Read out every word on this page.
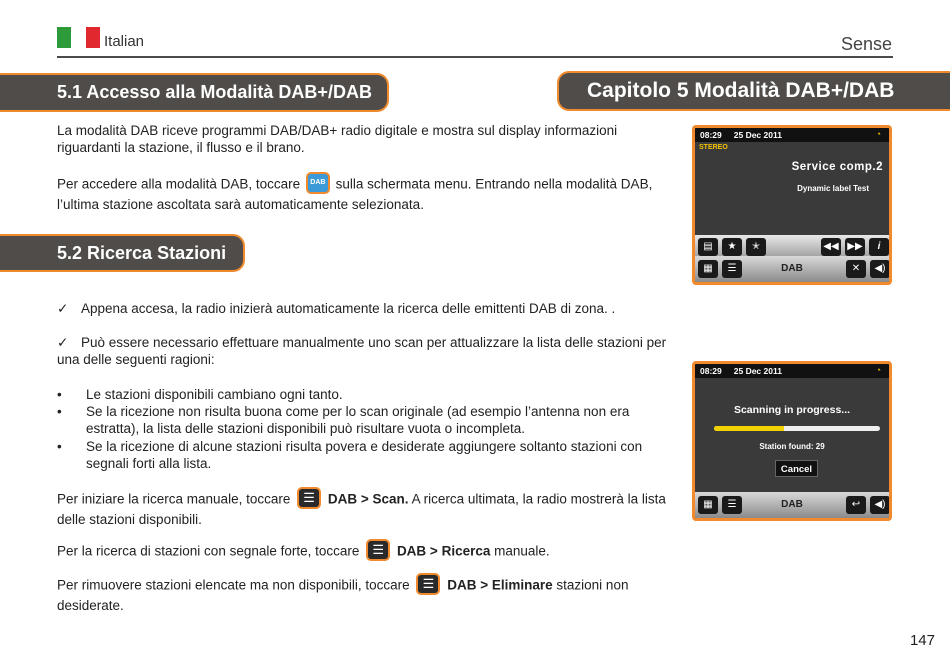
Italian	Sense
5.1 Accesso alla Modalità DAB+/DAB	Capitolo 5 Modalità DAB+/DAB
La modalità DAB riceve programmi DAB/DAB+ radio digitale e mostra sul display informazioni riguardanti la stazione, il flusso e il brano.
Per accedere alla modalità DAB, toccare DAB sulla schermata menu. Entrando nella modalità DAB, l’ultima stazione ascoltata sarà automaticamente selezionata.
5.2 Ricerca Stazioni
✓ Appena accesa, la radio inizierà automaticamente la ricerca delle emittenti DAB di zona. .
✓ Può essere necessario effettuare manualmente uno scan per attualizzare la lista delle stazioni per una delle seguenti ragioni:
• Le stazioni disponibili cambiano ogni tanto.
• Se la ricezione non risulta buona come per lo scan originale (ad esempio l’antenna non era estratta), la lista delle stazioni disponibili può risultare vuota o incompleta.
• Se la ricezione di alcune stazioni risulta povera e desiderate aggiungere soltanto stazioni con segnali forti alla lista.
Per iniziare la ricerca manuale, toccare ☰ DAB > Scan. A ricerca ultimata, la radio mostrerà la lista delle stazioni disponibili.
Per la ricerca di stazioni con segnale forte, toccare ☰ DAB > Ricerca manuale.
Per rimuovere stazioni elencate ma non disponibili, toccare ☰ DAB > Eliminare stazioni non desiderate.
08:29 25 Dec 2011	◔
STEREO
Service comp.2
Dynamic label Test
▤	★	✭	◀◀ ▶▶	i
▦	☰	DAB	✕	◀)
08:29 25 Dec 2011	◔
Scanning in progress...
Station found: 29
Cancel
▦	☰	DAB	↩	◀)
147
